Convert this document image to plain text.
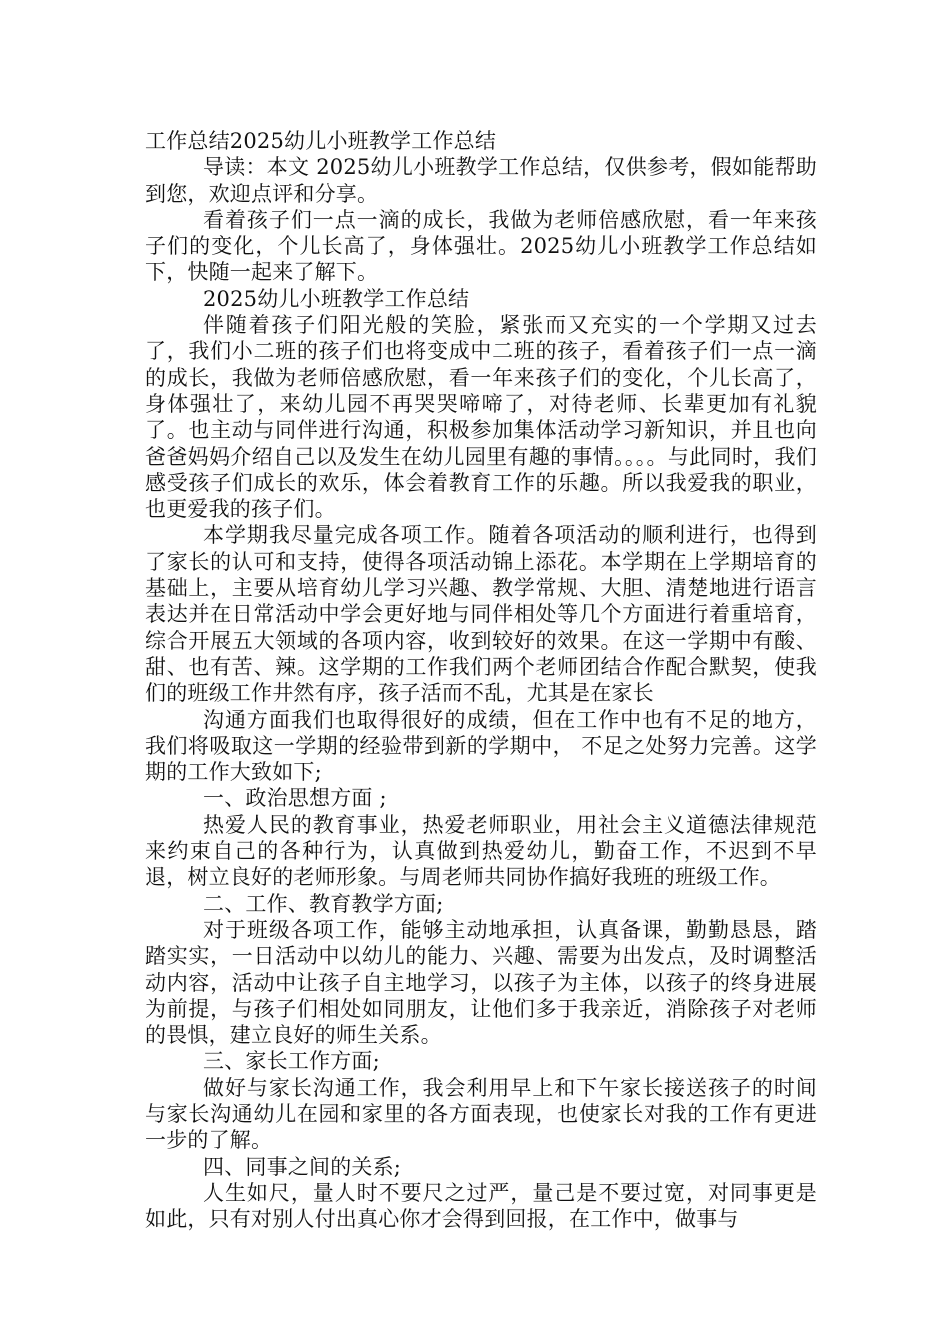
工作总结2025幼儿小班教学工作总结

导读：本文 2025幼儿小班教学工作总结，仅供参考，假如能帮助到您，欢迎点评和分享。

看着孩子们一点一滴的成长，我做为老师倍感欣慰，看一年来孩子们的变化，个儿长高了，身体强壮。2025幼儿小班教学工作总结如下，快随一起来了解下。

2025幼儿小班教学工作总结

伴随着孩子们阳光般的笑脸，紧张而又充实的一个学期又过去了，我们小二班的孩子们也将变成中二班的孩子，看着孩子们一点一滴的成长，我做为老师倍感欣慰，看一年来孩子们的变化，个儿长高了，身体强壮了，来幼儿园不再哭哭啼啼了，对待老师、长辈更加有礼貌了。也主动与同伴进行沟通，积极参加集体活动学习新知识，并且也向爸爸妈妈介绍自己以及发生在幼儿园里有趣的事情。。。。与此同时，我们感受孩子们成长的欢乐，体会着教育工作的乐趣。所以我爱我的职业，也更爱我的孩子们。

本学期我尽量完成各项工作。随着各项活动的顺利进行，也得到了家长的认可和支持，使得各项活动锦上添花。本学期在上学期培育的基础上，主要从培育幼儿学习兴趣、教学常规、大胆、清楚地进行语言表达并在日常活动中学会更好地与同伴相处等几个方面进行着重培育，综合开展五大领域的各项内容，收到较好的效果。在这一学期中有酸、甜、也有苦、辣。这学期的工作我们两个老师团结合作配合默契，使我们的班级工作井然有序，孩子活而不乱，尤其是在家长

沟通方面我们也取得很好的成绩，但在工作中也有不足的地方，我们将吸取这一学期的经验带到新的学期中， 不足之处努力完善。这学期的工作大致如下;

一、政治思想方面 ;

热爱人民的教育事业，热爱老师职业，用社会主义道德法律规范来约束自己的各种行为，认真做到热爱幼儿，勤奋工作，不迟到不早退，树立良好的老师形象。与周老师共同协作搞好我班的班级工作。

二、工作、教育教学方面;

对于班级各项工作，能够主动地承担，认真备课，勤勤恳恳，踏踏实实，一日活动中以幼儿的能力、兴趣、需要为出发点，及时调整活动内容，活动中让孩子自主地学习，以孩子为主体，以孩子的终身进展为前提，与孩子们相处如同朋友，让他们多于我亲近，消除孩子对老师的畏惧，建立良好的师生关系。

三、家长工作方面;

做好与家长沟通工作，我会利用早上和下午家长接送孩子的时间与家长沟通幼儿在园和家里的各方面表现，也使家长对我的工作有更进一步的了解。

四、同事之间的关系;

人生如尺，量人时不要尺之过严，量己是不要过宽，对同事更是如此，只有对别人付出真心你才会得到回报，在工作中，做事与
